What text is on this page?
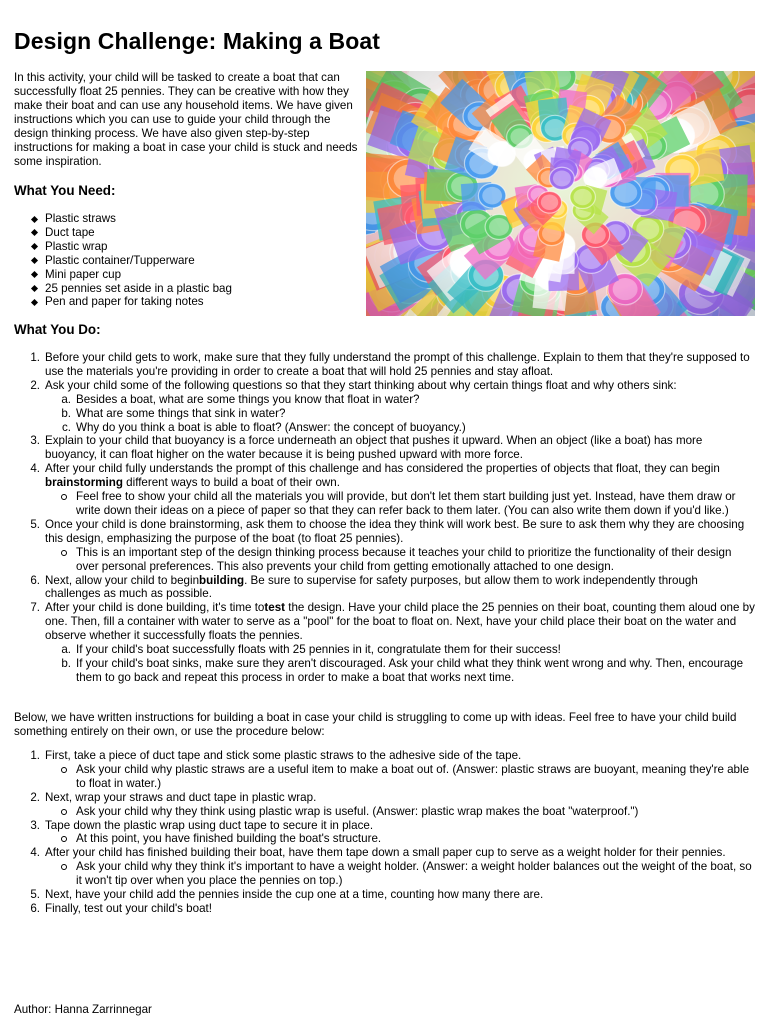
Design Challenge: Making a Boat

In this activity, your child will be tasked to create a boat that can successfully float 25 pennies. They can be creative with how they make their boat and can use any household items. We have given instructions which you can use to guide your child through the design thinking process. We have also given step-by-step instructions for making a boat in case your child is stuck and needs some inspiration.

What You Need:
Plastic straws
Duct tape
Plastic wrap
Plastic container/Tupperware
Mini paper cup
25 pennies set aside in a plastic bag
Pen and paper for taking notes
What You Do:
1. Before your child gets to work, make sure that they fully understand the prompt of this challenge. Explain to them that they're supposed to use the materials you're providing in order to create a boat that will hold 25 pennies and stay afloat.
2. Ask your child some of the following questions so that they start thinking about why certain things float and why others sink:
a. Besides a boat, what are some things you know that float in water?
b. What are some things that sink in water?
c. Why do you think a boat is able to float? (Answer: the concept of buoyancy.)
3. Explain to your child that buoyancy is a force underneath an object that pushes it upward. When an object (like a boat) has more buoyancy, it can float higher on the water because it is being pushed upward with more force.
4. After your child fully understands the prompt of this challenge and has considered the properties of objects that float, they can begin brainstorming different ways to build a boat of their own.
Feel free to show your child all the materials you will provide, but don't let them start building just yet. Instead, have them draw or write down their ideas on a piece of paper so that they can refer back to them later. (You can also write them down if you'd like.)
5. Once your child is done brainstorming, ask them to choose the idea they think will work best. Be sure to ask them why they are choosing this design, emphasizing the purpose of the boat (to float 25 pennies).
This is an important step of the design thinking process because it teaches your child to prioritize the functionality of their design over personal preferences. This also prevents your child from getting emotionally attached to one design.
6. Next, allow your child to beginbuilding. Be sure to supervise for safety purposes, but allow them to work independently through challenges as much as possible.
7. After your child is done building, it's time totest the design. Have your child place the 25 pennies on their boat, counting them aloud one by one. Then, fill a container with water to serve as a "pool" for the boat to float on. Next, have your child place their boat on the water and observe whether it successfully floats the pennies.
a. If your child's boat successfully floats with 25 pennies in it, congratulate them for their success!
b. If your child's boat sinks, make sure they aren't discouraged. Ask your child what they think went wrong and why. Then, encourage them to go back and repeat this process in order to make a boat that works next time.

Below, we have written instructions for building a boat in case your child is struggling to come up with ideas. Feel free to have your child build something entirely on their own, or use the procedure below:

1. First, take a piece of duct tape and stick some plastic straws to the adhesive side of the tape.
Ask your child why plastic straws are a useful item to make a boat out of. (Answer: plastic straws are buoyant, meaning they're able to float in water.)
2. Next, wrap your straws and duct tape in plastic wrap.
Ask your child why they think using plastic wrap is useful. (Answer: plastic wrap makes the boat "waterproof.")
3. Tape down the plastic wrap using duct tape to secure it in place.
At this point, you have finished building the boat's structure.
4. After your child has finished building their boat, have them tape down a small paper cup to serve as a weight holder for their pennies.
Ask your child why they think it's important to have a weight holder. (Answer: a weight holder balances out the weight of the boat, so it won't tip over when you place the pennies on top.)
5. Next, have your child add the pennies inside the cup one at a time, counting how many there are.
6. Finally, test out your child's boat!

Author: Hanna Zarrinnegar
